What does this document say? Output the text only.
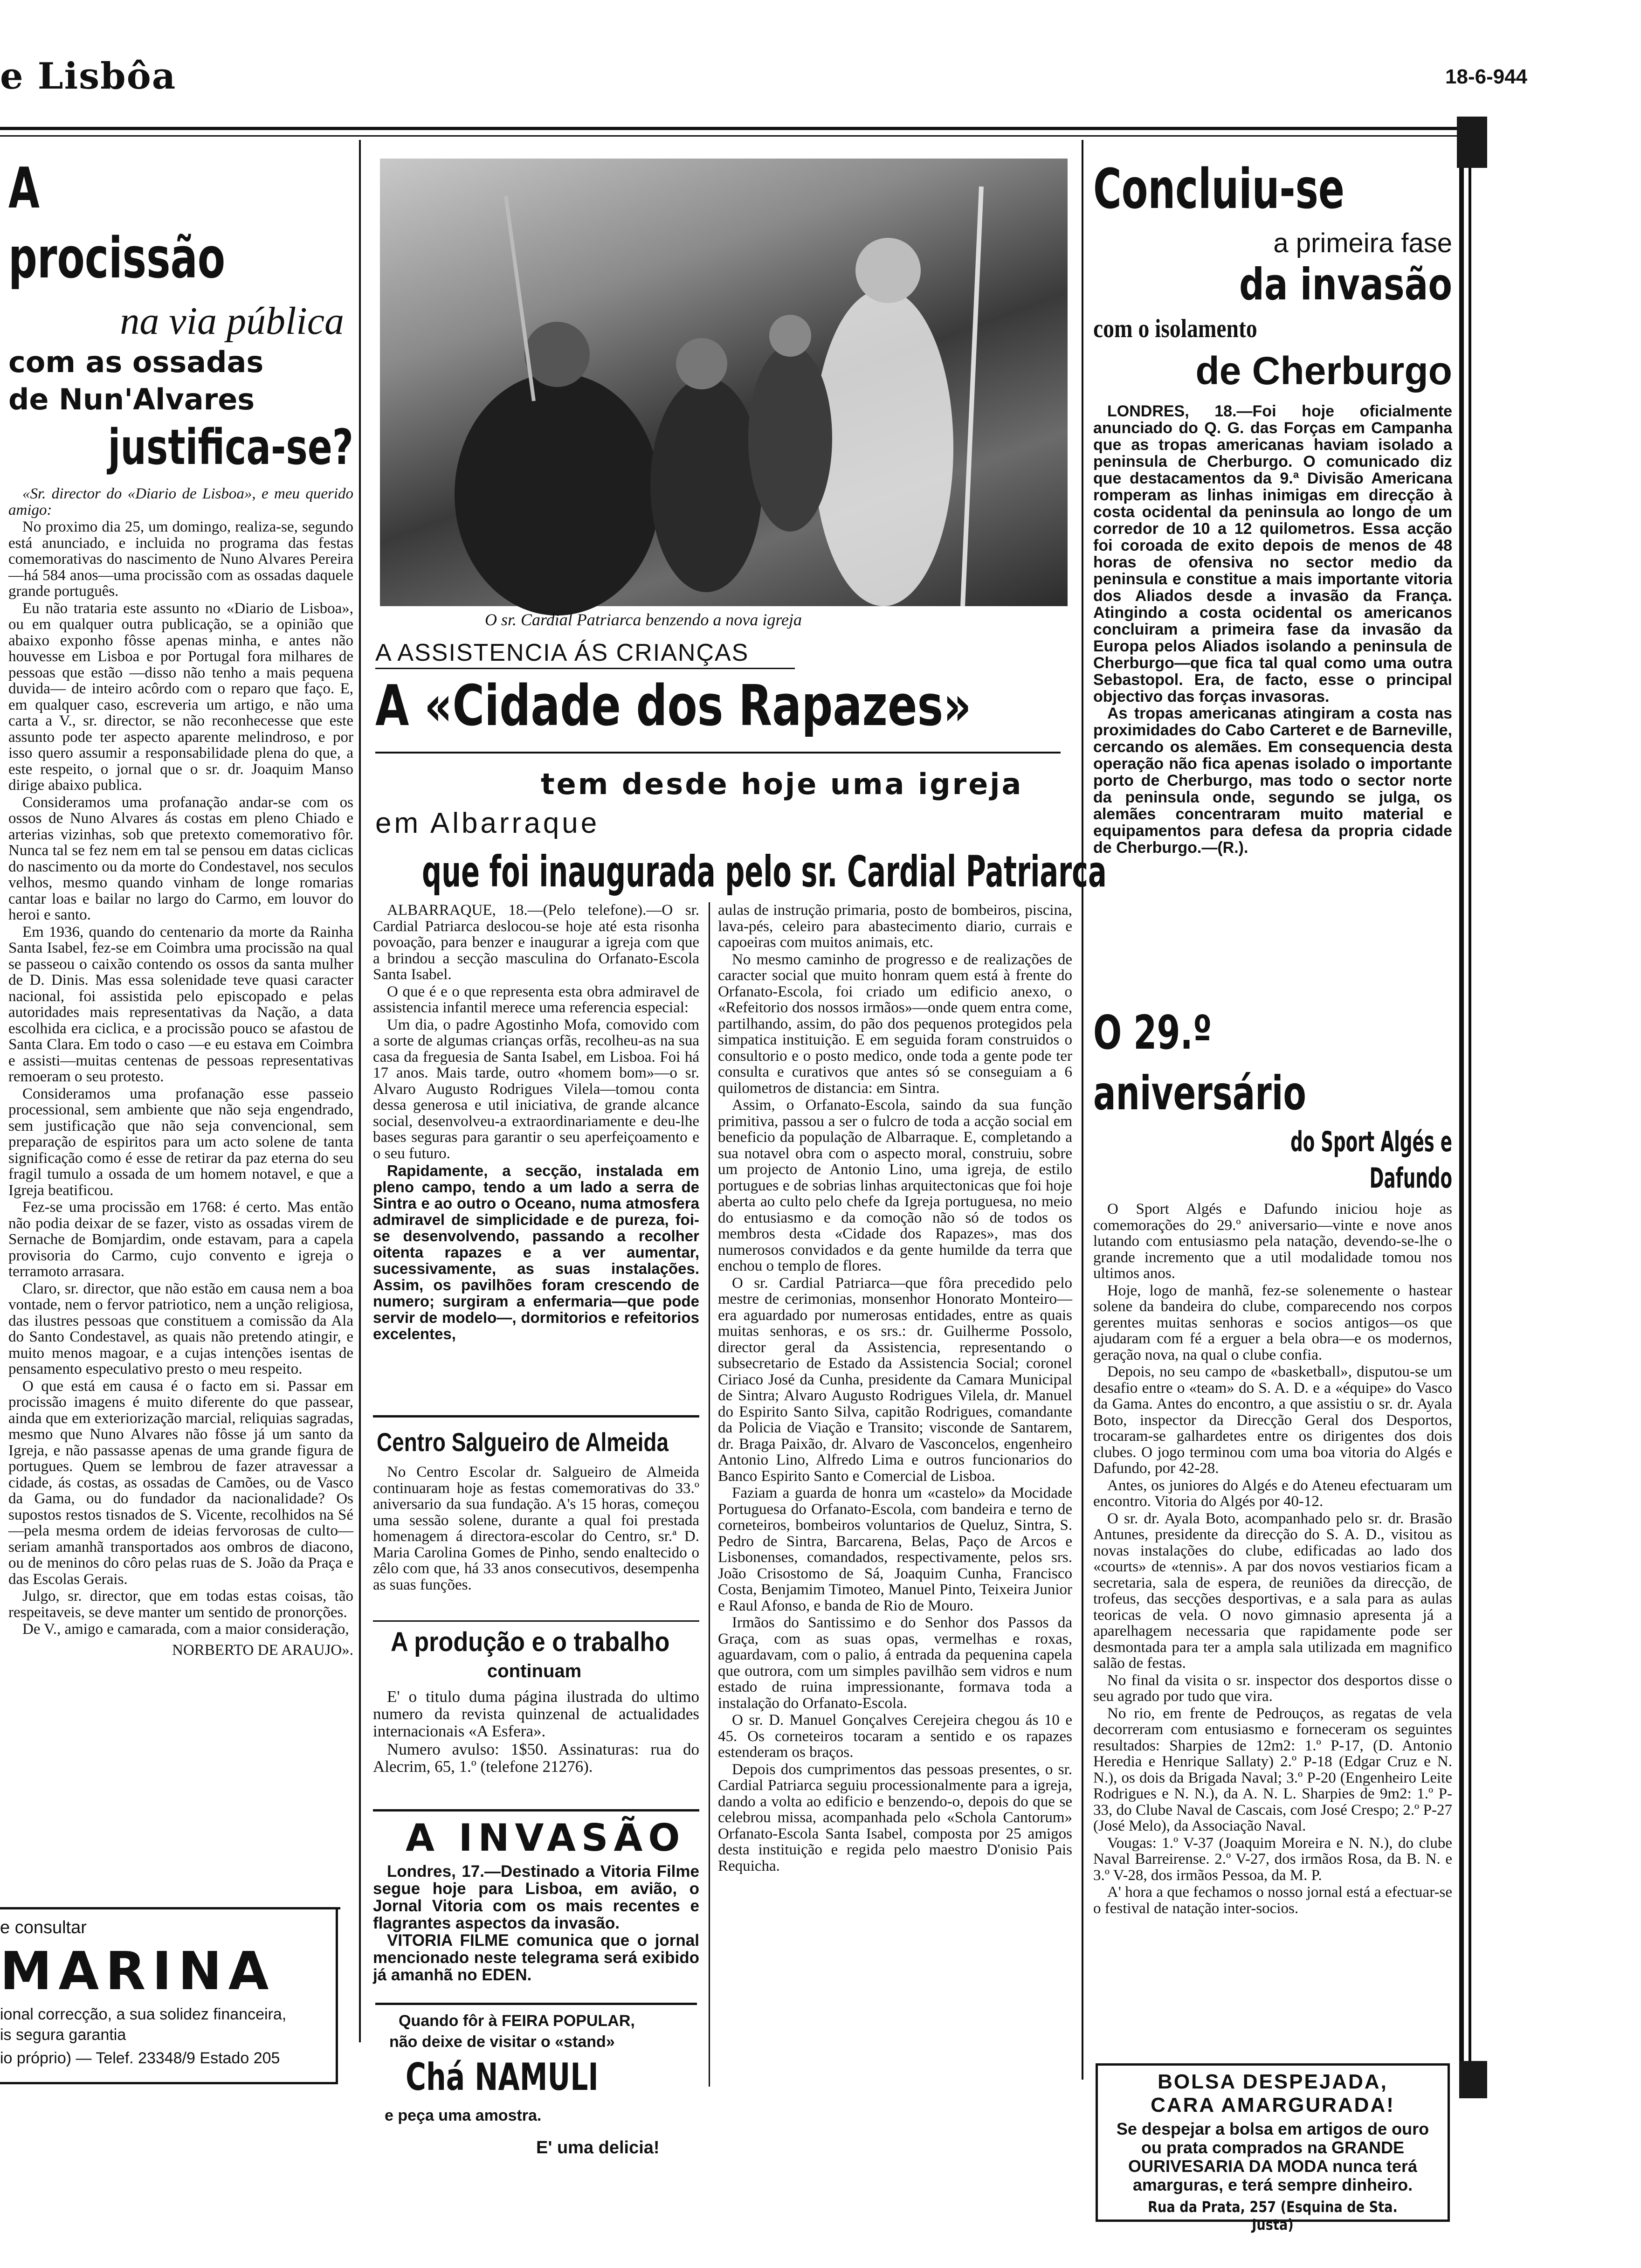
e Lisbôa	18-6-944
A procissão
na via pública
com as ossadas
de Nun'Alvares
justifica-se?

«Sr. director do «Diario de Lisboa», e meu querido amigo:

No proximo dia 25, um domingo, realiza-se, segundo está anunciado, e incluida no programa das festas comemorativas do nascimento de Nuno Alvares Pereira—há 584 anos—uma procissão com as ossadas daquele grande português.

Eu não trataria este assunto no «Diario de Lisboa», ou em qualquer outra publicação, se a opinião que abaixo exponho fôsse apenas minha, e antes não houvesse em Lisboa e por Portugal fora milhares de pessoas que estão —disso não tenho a mais pequena duvida— de inteiro acôrdo com o reparo que faço. E, em qualquer caso, escreveria um artigo, e não uma carta a V., sr. director, se não reconhecesse que este assunto pode ter aspecto aparente melindroso, e por isso quero assumir a responsabilidade plena do que, a este respeito, o jornal que o sr. dr. Joaquim Manso dirige abaixo publica.

Consideramos uma profanação andar-se com os ossos de Nuno Alvares ás costas em pleno Chiado e arterias vizinhas, sob que pretexto comemorativo fôr. Nunca tal se fez nem em tal se pensou em datas ciclicas do nascimento ou da morte do Condestavel, nos seculos velhos, mesmo quando vinham de longe romarias cantar loas e bailar no largo do Carmo, em louvor do heroi e santo.

Em 1936, quando do centenario da morte da Rainha Santa Isabel, fez-se em Coimbra uma procissão na qual se passeou o caixão contendo os ossos da santa mulher de D. Dinis. Mas essa solenidade teve quasi caracter nacional, foi assistida pelo episcopado e pelas autoridades mais representativas da Nação, a data escolhida era ciclica, e a procissão pouco se afastou de Santa Clara. Em todo o caso —e eu estava em Coimbra e assisti—muitas centenas de pessoas representativas remoeram o seu protesto.

Consideramos uma profanação esse passeio processional, sem ambiente que não seja engendrado, sem justificação que não seja convencional, sem preparação de espiritos para um acto solene de tanta significação como é esse de retirar da paz eterna do seu fragil tumulo a ossada de um homem notavel, e que a Igreja beatificou.

Fez-se uma procissão em 1768: é certo. Mas então não podia deixar de se fazer, visto as ossadas virem de Sernache de Bomjardim, onde estavam, para a capela provisoria do Carmo, cujo convento e igreja o terramoto arrasara.

Claro, sr. director, que não estão em causa nem a boa vontade, nem o fervor patriotico, nem a unção religiosa, das ilustres pessoas que constituem a comissão da Ala do Santo Condestavel, as quais não pretendo atingir, e muito menos magoar, e a cujas intenções isentas de pensamento especulativo presto o meu respeito.

O que está em causa é o facto em si. Passar em procissão imagens é muito diferente do que passear, ainda que em exteriorização marcial, reliquias sagradas, mesmo que Nuno Alvares não fôsse já um santo da Igreja, e não passasse apenas de uma grande figura de portugues. Quem se lembrou de fazer atravessar a cidade, ás costas, as ossadas de Camões, ou de Vasco da Gama, ou do fundador da nacionalidade? Os supostos restos tisnados de S. Vicente, recolhidos na Sé—pela mesma ordem de ideias fervorosas de culto—seriam amanhã transportados aos ombros de diacono, ou de meninos do côro pelas ruas de S. João da Praça e das Escolas Gerais.

Julgo, sr. director, que em todas estas coisas, tão respeitaveis, se deve manter um sentido de pronorções.

De V., amigo e camarada, com a maior consideração,

NORBERTO DE ARAUJO».

e consultar
MARINA
ional correcção, a sua solidez financeira,
is segura garantia
io próprio) — Telef. 23348/9 Estado 205
O sr. Cardial Patriarca benzendo a nova igreja
A ASSISTENCIA ÁS CRIANÇAS
A «Cidade dos Rapazes»
tem desde hoje uma igreja
em Albarraque
que foi inaugurada pelo sr. Cardial Patriarca

ALBARRAQUE, 18.—(Pelo telefone).—O sr. Cardial Patriarca deslocou-se hoje até esta risonha povoação, para benzer e inaugurar a igreja com que a brindou a secção masculina do Orfanato-Escola Santa Isabel.

O que é e o que representa esta obra admiravel de assistencia infantil merece uma referencia especial:

Um dia, o padre Agostinho Mofa, comovido com a sorte de algumas crianças orfãs, recolheu-as na sua casa da freguesia de Santa Isabel, em Lisboa. Foi há 17 anos. Mais tarde, outro «homem bom»—o sr. Alvaro Augusto Rodrigues Vilela—tomou conta dessa generosa e util iniciativa, de grande alcance social, desenvolveu-a extraordinariamente e deu-lhe bases seguras para garantir o seu aperfeiçoamento e o seu futuro.

Rapidamente, a secção, instalada em pleno campo, tendo a um lado a serra de Sintra e ao outro o Oceano, numa atmosfera admiravel de simplicidade e de pureza, foi-se desenvolvendo, passando a recolher oitenta rapazes e a ver aumentar, sucessivamente, as suas instalações. Assim, os pavilhões foram crescendo de numero; surgiram a enfermaria—que pode servir de modelo—, dormitorios e refeitorios excelentes,

aulas de instrução primaria, posto de bombeiros, piscina, lava-pés, celeiro para abastecimento diario, currais e capoeiras com muitos animais, etc.

No mesmo caminho de progresso e de realizações de caracter social que muito honram quem está à frente do Orfanato-Escola, foi criado um edificio anexo, o «Refeitorio dos nossos irmãos»—onde quem entra come, partilhando, assim, do pão dos pequenos protegidos pela simpatica instituição. E em seguida foram construidos o consultorio e o posto medico, onde toda a gente pode ter consulta e curativos que antes só se conseguiam a 6 quilometros de distancia: em Sintra.

Assim, o Orfanato-Escola, saindo da sua função primitiva, passou a ser o fulcro de toda a acção social em beneficio da população de Albarraque. E, completando a sua notavel obra com o aspecto moral, construiu, sobre um projecto de Antonio Lino, uma igreja, de estilo portugues e de sobrias linhas arquitectonicas que foi hoje aberta ao culto pelo chefe da Igreja portuguesa, no meio do entusiasmo e da comoção não só de todos os membros desta «Cidade dos Rapazes», mas dos numerosos convidados e da gente humilde da terra que enchou o templo de flores.

O sr. Cardial Patriarca—que fôra precedido pelo mestre de cerimonias, monsenhor Honorato Monteiro—era aguardado por numerosas entidades, entre as quais muitas senhoras, e os srs.: dr. Guilherme Possolo, director geral da Assistencia, representando o subsecretario de Estado da Assistencia Social; coronel Ciriaco José da Cunha, presidente da Camara Municipal de Sintra; Alvaro Augusto Rodrigues Vilela, dr. Manuel do Espirito Santo Silva, capitão Rodrigues, comandante da Policia de Viação e Transito; visconde de Santarem, dr. Braga Paixão, dr. Alvaro de Vasconcelos, engenheiro Antonio Lino, Alfredo Lima e outros funcionarios do Banco Espirito Santo e Comercial de Lisboa.

Faziam a guarda de honra um «castelo» da Mocidade Portuguesa do Orfanato-Escola, com bandeira e terno de corneteiros, bombeiros voluntarios de Queluz, Sintra, S. Pedro de Sintra, Barcarena, Belas, Paço de Arcos e Lisbonenses, comandados, respectivamente, pelos srs. João Crisostomo de Sá, Joaquim Cunha, Francisco Costa, Benjamim Timoteo, Manuel Pinto, Teixeira Junior e Raul Afonso, e banda de Rio de Mouro.

Irmãos do Santissimo e do Senhor dos Passos da Graça, com as suas opas, vermelhas e roxas, aguardavam, com o palio, á entrada da pequenina capela que outrora, com um simples pavilhão sem vidros e num estado de ruina impressionante, formava toda a instalação do Orfanato-Escola.

O sr. D. Manuel Gonçalves Cerejeira chegou ás 10 e 45. Os corneteiros tocaram a sentido e os rapazes estenderam os braços.

Depois dos cumprimentos das pessoas presentes, o sr. Cardial Patriarca seguiu processionalmente para a igreja, dando a volta ao edificio e benzendo-o, depois do que se celebrou missa, acompanhada pelo «Schola Cantorum» Orfanato-Escola Santa Isabel, composta por 25 amigos desta instituição e regida pelo maestro D'onisio Pais Requicha.

Centro Salgueiro de Almeida

No Centro Escolar dr. Salgueiro de Almeida continuaram hoje as festas comemorativas do 33.º aniversario da sua fundação. A's 15 horas, começou uma sessão solene, durante a qual foi prestada homenagem á directora-escolar do Centro, sr.ª D. Maria Carolina Gomes de Pinho, sendo enaltecido o zêlo com que, há 33 anos consecutivos, desempenha as suas funções.

A produção e o trabalho
continuam

E' o titulo duma página ilustrada do ultimo numero da revista quinzenal de actualidades internacionais «A Esfera».

Numero avulso: 1$50. Assinaturas: rua do Alecrim, 65, 1.º (telefone 21276).

A INVASÃO

Londres, 17.—Destinado a Vitoria Filme segue hoje para Lisboa, em avião, o Jornal Vitoria com os mais recentes e flagrantes aspectos da invasão.

VITORIA FILME comunica que o jornal mencionado neste telegrama será exibido já amanhã no EDEN.

Quando fôr à FEIRA POPULAR,
não deixe de visitar o «stand»
Chá NAMULI
e peça uma amostra.
E' uma delicia!
Concluiu-se
a primeira fase
da invasão
com o isolamento
de Cherburgo

LONDRES, 18.—Foi hoje oficialmente anunciado do Q. G. das Forças em Campanha que as tropas americanas haviam isolado a peninsula de Cherburgo. O comunicado diz que destacamentos da 9.ª Divisão Americana romperam as linhas inimigas em direcção à costa ocidental da peninsula ao longo de um corredor de 10 a 12 quilometros. Essa acção foi coroada de exito depois de menos de 48 horas de ofensiva no sector medio da peninsula e constitue a mais importante vitoria dos Aliados desde a invasão da França. Atingindo a costa ocidental os americanos concluiram a primeira fase da invasão da Europa pelos Aliados isolando a peninsula de Cherburgo—que fica tal qual como uma outra Sebastopol. Era, de facto, esse o principal objectivo das forças invasoras.

As tropas americanas atingiram a costa nas proximidades do Cabo Carteret e de Barneville, cercando os alemães. Em consequencia desta operação não fica apenas isolado o importante porto de Cherburgo, mas todo o sector norte da peninsula onde, segundo se julga, os alemães concentraram muito material e equipamentos para defesa da propria cidade de Cherburgo.—(R.).

O 29.º aniversário
do Sport Algés e Dafundo

O Sport Algés e Dafundo iniciou hoje as comemorações do 29.º aniversario—vinte e nove anos lutando com entusiasmo pela natação, devendo-se-lhe o grande incremento que a util modalidade tomou nos ultimos anos.

Hoje, logo de manhã, fez-se solenemente o hastear solene da bandeira do clube, comparecendo nos corpos gerentes muitas senhoras e socios antigos—os que ajudaram com fé a erguer a bela obra—e os modernos, geração nova, na qual o clube confia.

Depois, no seu campo de «basketball», disputou-se um desafio entre o «team» do S. A. D. e a «équipe» do Vasco da Gama. Antes do encontro, a que assistiu o sr. dr. Ayala Boto, inspector da Direcção Geral dos Desportos, trocaram-se galhardetes entre os dirigentes dos dois clubes. O jogo terminou com uma boa vitoria do Algés e Dafundo, por 42-28.

Antes, os juniores do Algés e do Ateneu efectuaram um encontro. Vitoria do Algés por 40-12.

O sr. dr. Ayala Boto, acompanhado pelo sr. dr. Brasão Antunes, presidente da direcção do S. A. D., visitou as novas instalações do clube, edificadas ao lado dos «courts» de «tennis». A par dos novos vestiarios ficam a secretaria, sala de espera, de reuniões da direcção, de trofeus, das secções desportivas, e a sala para as aulas teoricas de vela. O novo gimnasio apresenta já a aparelhagem necessaria que rapidamente pode ser desmontada para ter a ampla sala utilizada em magnifico salão de festas.

No final da visita o sr. inspector dos desportos disse o seu agrado por tudo que vira.

No rio, em frente de Pedrouços, as regatas de vela decorreram com entusiasmo e forneceram os seguintes resultados: Sharpies de 12m2: 1.º P-17, (D. Antonio Heredia e Henrique Sallaty) 2.º P-18 (Edgar Cruz e N. N.), os dois da Brigada Naval; 3.º P-20 (Engenheiro Leite Rodrigues e N. N.), da A. N. L. Sharpies de 9m2: 1.º P-33, do Clube Naval de Cascais, com José Crespo; 2.º P-27 (José Melo), da Associação Naval.

Vougas: 1.º V-37 (Joaquim Moreira e N. N.), do clube Naval Barreirense. 2.º V-27, dos irmãos Rosa, da B. N. e 3.º V-28, dos irmãos Pessoa, da M. P.

A' hora a que fechamos o nosso jornal está a efectuar-se o festival de natação inter-socios.

BOLSA DESPEJADA,
CARA AMARGURADA!
Se despejar a bolsa em artigos de ouro ou prata comprados na GRANDE OURIVESARIA DA MODA nunca terá amarguras, e terá sempre dinheiro.
Rua da Prata, 257 (Esquina de Sta. Justa)
